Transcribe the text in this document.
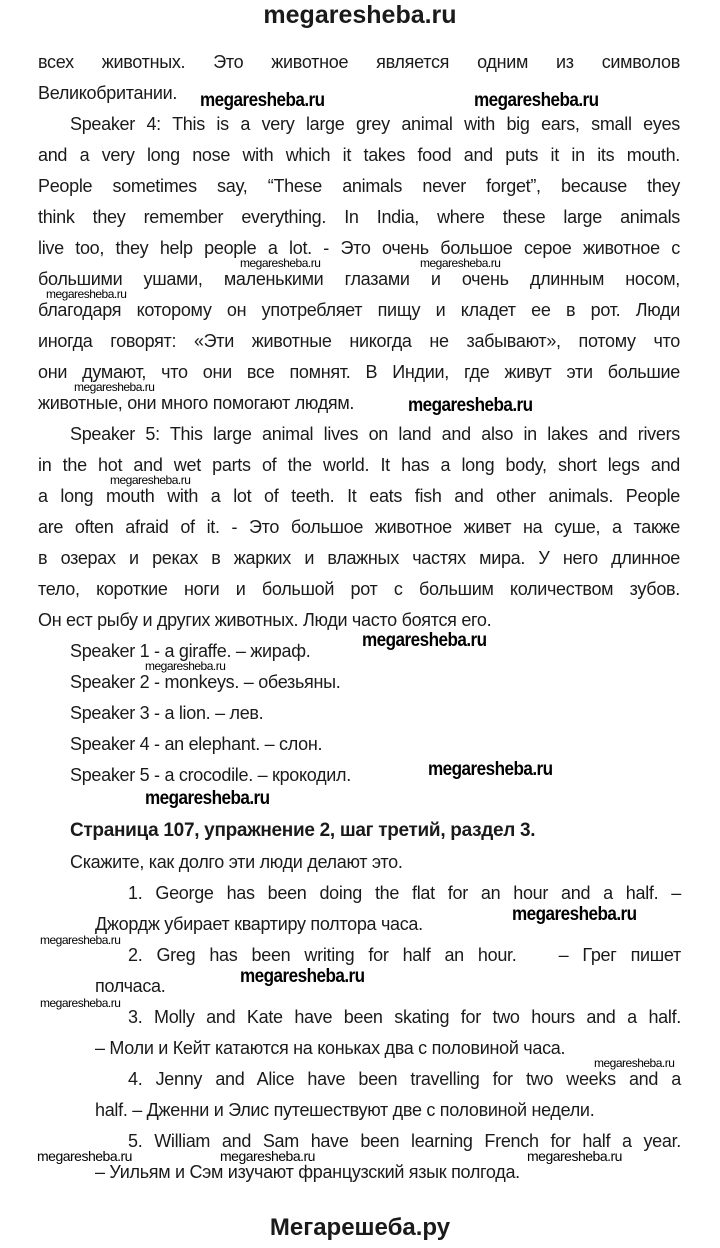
megaresheba.ru
всех животных. Это животное является одним из символов
Великобритании.
Speaker 4: This is a very large grey animal with big ears, small eyes
and a very long nose with which it takes food and puts it in its mouth.
People sometimes say, “These animals never forget”, because they
think they remember everything. In India, where these large animals
live too, they help people a lot. - Это очень большое серое животное с
большими ушами, маленькими глазами и очень длинным носом,
благодаря которому он употребляет пищу и кладет ее в рот. Люди
иногда говорят: «Эти животные никогда не забывают», потому что
они думают, что они все помнят. В Индии, где живут эти большие
животные, они много помогают людям.
Speaker 5: This large animal lives on land and also in lakes and rivers
in the hot and wet parts of the world. It has a long body, short legs and
a long mouth with a lot of teeth. It eats fish and other animals. People
are often afraid of it. - Это большое животное живет на суше, а также
в озерах и реках в жарких и влажных частях мира. У него длинное
тело, короткие ноги и большой рот с большим количеством зубов.
Он ест рыбу и других животных. Люди часто боятся его.
Speaker 1 - a giraffe. – жираф.
Speaker 2 - monkeys. – обезьяны.
Speaker 3 - a lion. – лев.
Speaker 4 - an elephant. – слон.
Speaker 5 - a crocodile. – крокодил.
Страница 107, упражнение 2, шаг третий, раздел 3.
Скажите, как долго эти люди делают это.
1. George has been doing the flat for an hour and a half. –
Джордж убирает квартиру полтора часа.
2. Greg has been writing for half an hour.   – Грег пишет
полчаса.
3. Molly and Kate have been skating for two hours and a half.
– Моли и Кейт катаются на коньках два с половиной часа.
4. Jenny and Alice have been travelling for two weeks and a
half. – Дженни и Элис путешествуют две с половиной недели.
5. William and Sam have been learning French for half a year.
– Уильям и Сэм изучают французский язык полгода.
megaresheba.ru	megaresheba.ru
megaresheba.ru	megaresheba.ru
megaresheba.ru
megaresheba.ru
megaresheba.ru
megaresheba.ru
megaresheba.ru
megaresheba.ru
megaresheba.ru
megaresheba.ru
megaresheba.ru
megaresheba.ru
megaresheba.ru
megaresheba.ru
megaresheba.ru
megaresheba.ru	megaresheba.ru	megaresheba.ru
Мегарешеба.ру
